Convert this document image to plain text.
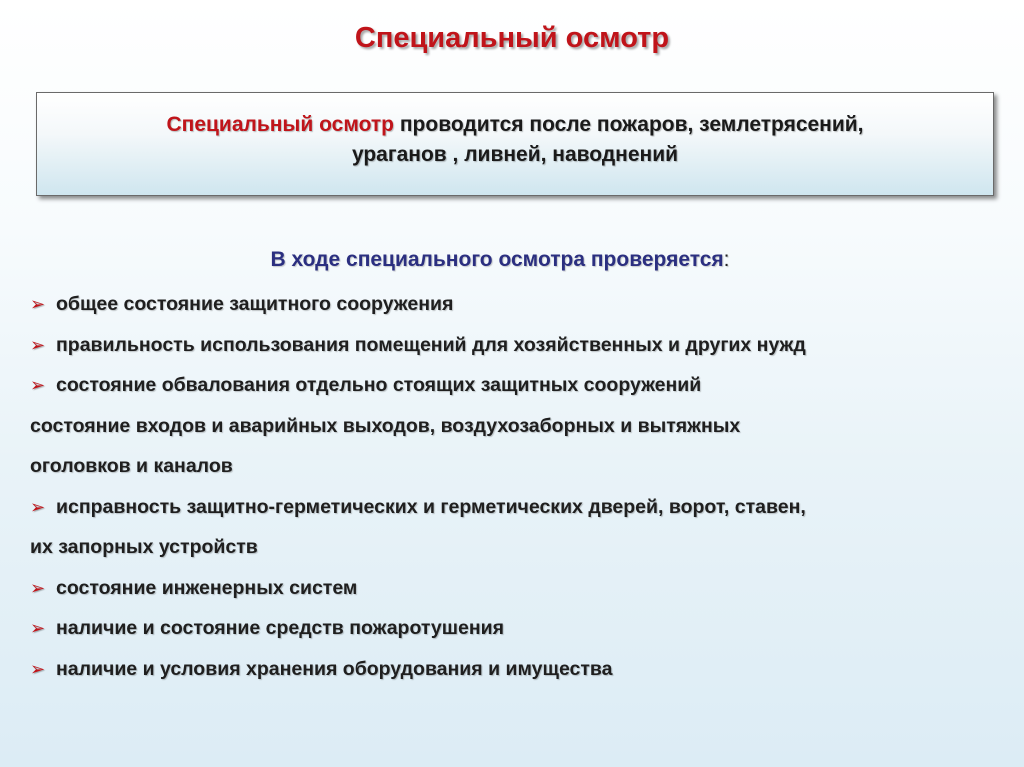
Специальный осмотр
Специальный осмотр проводится после пожаров, землетрясений,
ураганов , ливней, наводнений
В ходе специального осмотра проверяется:
➢ общее состояние защитного сооружения
➢ правильность использования помещений для хозяйственных и других нужд
➢ состояние обвалования отдельно стоящих защитных сооружений
состояние входов и аварийных выходов, воздухозаборных и вытяжных
оголовков и каналов
➢ исправность защитно-герметических и герметических дверей, ворот, ставен,
их запорных устройств
➢ состояние инженерных систем
➢ наличие и состояние средств пожаротушения
➢ наличие и условия хранения оборудования и имущества
